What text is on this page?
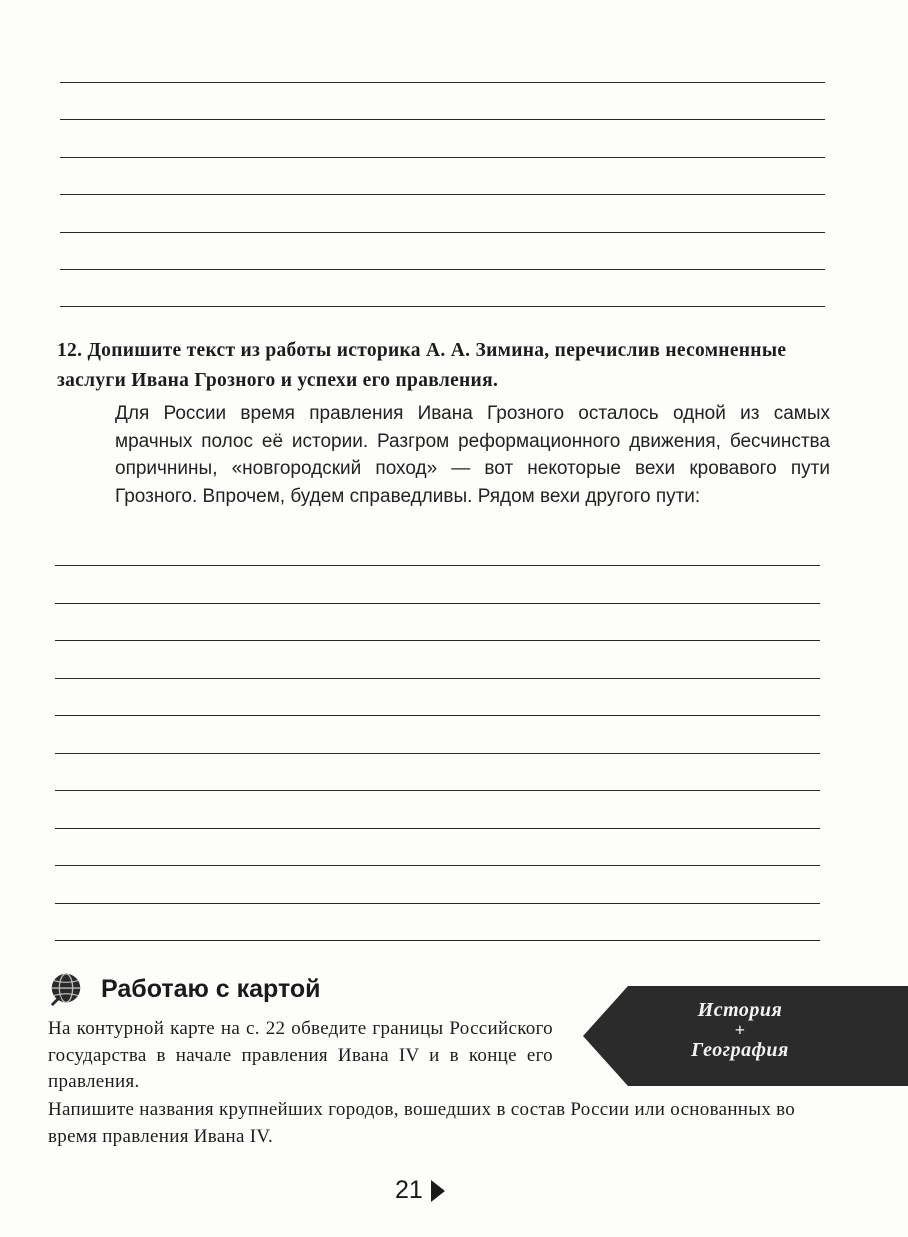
12. Допишите текст из работы историка А. А. Зимина, перечислив несомненные заслуги Ивана Грозного и успехи его правления.
Для России время правления Ивана Грозного осталось одной из самых мрачных полос её истории. Разгром реформационного движения, бесчинства опричнины, «новгородский поход» — вот некоторые вехи кровавого пути Грозного. Впрочем, будем справедливы. Рядом вехи другого пути:
Работаю с картой
История
+
География
На контурной карте на с. 22 обведите границы Российского государства в начале правления Ивана IV и в конце его правления.
Напишите названия крупнейших городов, вошедших в состав России или основанных во время правления Ивана IV.
21
